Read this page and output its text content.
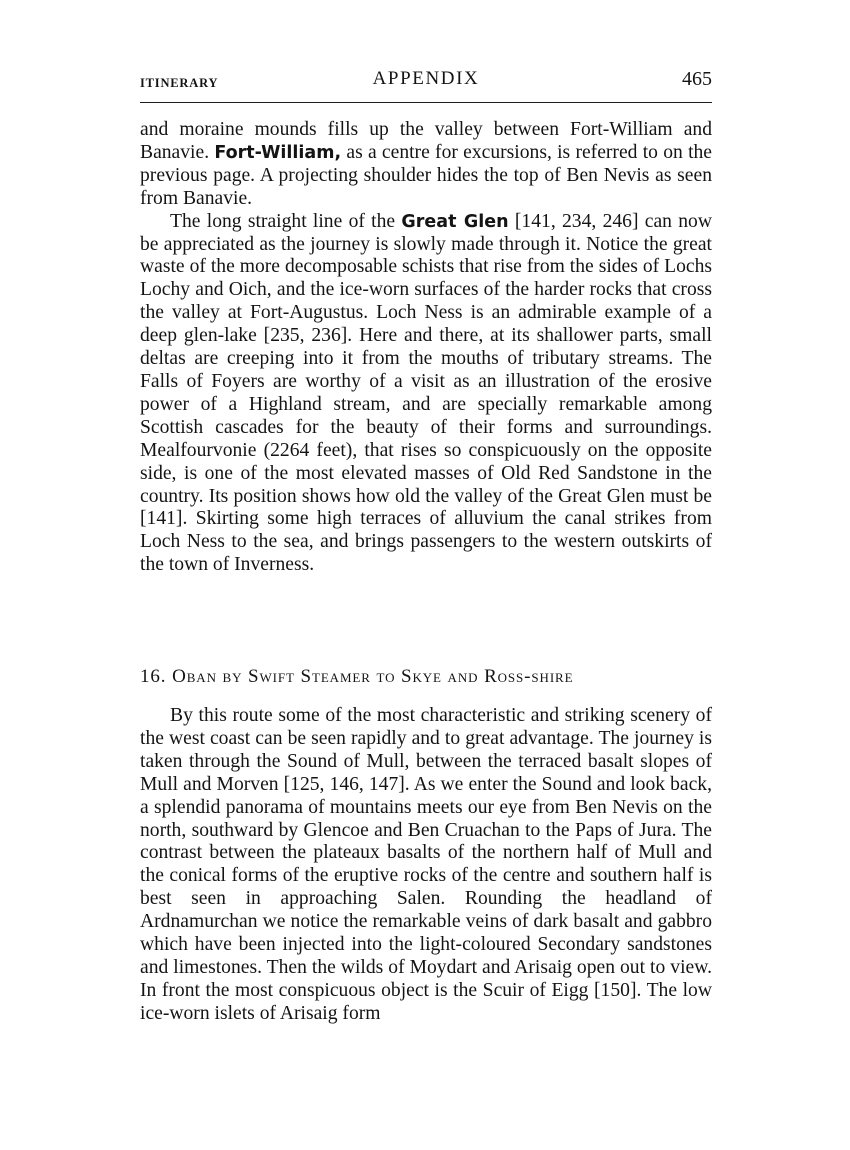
ITINERARY	APPENDIX	465

and moraine mounds fills up the valley between Fort-William and Banavie. Fort-William, as a centre for excursions, is referred to on the previous page. A projecting shoulder hides the top of Ben Nevis as seen from Banavie.

The long straight line of the Great Glen [141, 234, 246] can now be appreciated as the journey is slowly made through it. Notice the great waste of the more decomposable schists that rise from the sides of Lochs Lochy and Oich, and the ice-worn surfaces of the harder rocks that cross the valley at Fort-Augustus. Loch Ness is an admirable example of a deep glen-lake [235, 236]. Here and there, at its shallower parts, small deltas are creeping into it from the mouths of tributary streams. The Falls of Foyers are worthy of a visit as an illustration of the erosive power of a Highland stream, and are specially remarkable among Scottish cascades for the beauty of their forms and surroundings. Mealfourvonie (2264 feet), that rises so conspicuously on the opposite side, is one of the most elevated masses of Old Red Sandstone in the country. Its position shows how old the valley of the Great Glen must be [141]. Skirting some high terraces of alluvium the canal strikes from Loch Ness to the sea, and brings passengers to the western outskirts of the town of Inverness.

16. Oban by Swift Steamer to Skye and Ross-shire

By this route some of the most characteristic and striking scenery of the west coast can be seen rapidly and to great advantage. The journey is taken through the Sound of Mull, between the terraced basalt slopes of Mull and Morven [125, 146, 147]. As we enter the Sound and look back, a splendid panorama of mountains meets our eye from Ben Nevis on the north, southward by Glencoe and Ben Cruachan to the Paps of Jura. The contrast between the plateaux basalts of the northern half of Mull and the conical forms of the eruptive rocks of the centre and southern half is best seen in approaching Salen. Rounding the headland of Ardnamurchan we notice the remarkable veins of dark basalt and gabbro which have been injected into the light-coloured Secondary sandstones and limestones. Then the wilds of Moydart and Arisaig open out to view. In front the most conspicuous object is the Scuir of Eigg [150]. The low ice-worn islets of Arisaig form
